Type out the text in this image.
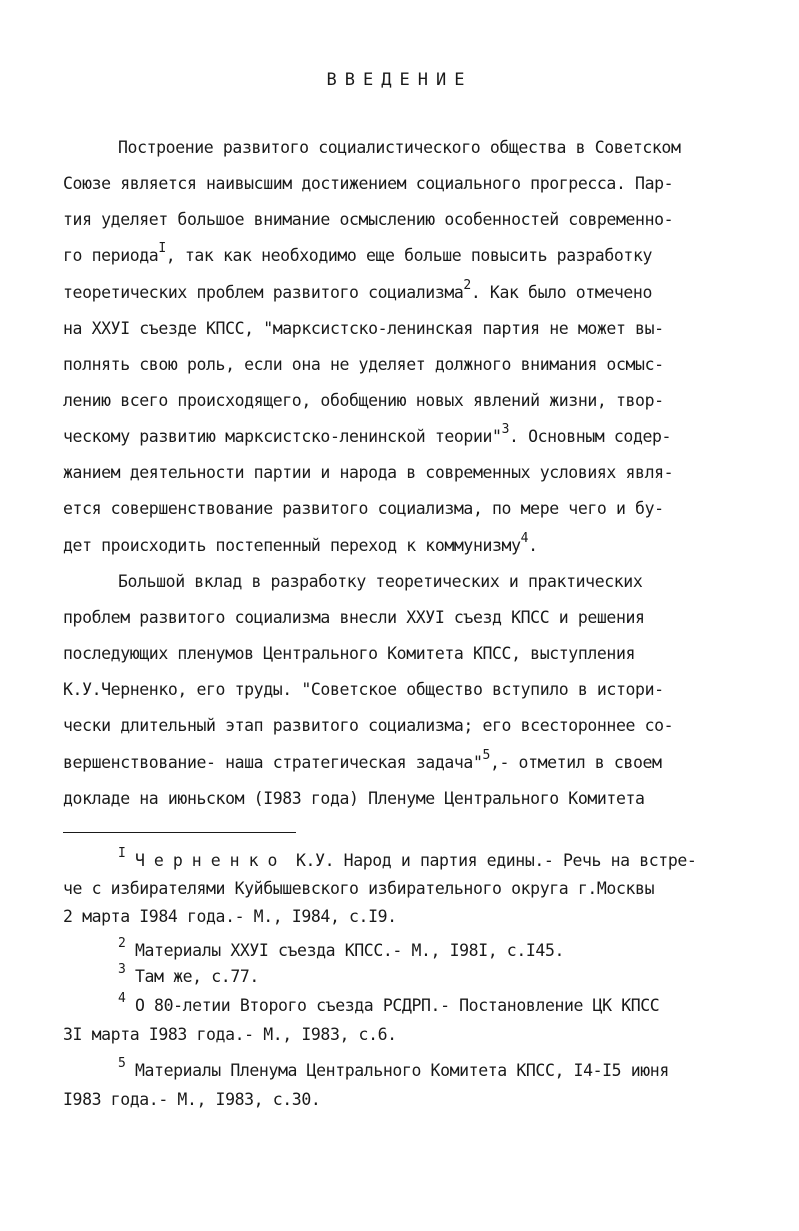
ВВЕДЕНИЕ
Построение развитого социалистического общества в Советском
Союзе является наивысшим достижением социального прогресса. Пар-
тия уделяет большое внимание осмыслению особенностей современно-
го периода$^I$, так как необходимо еще больше повысить разработку
теоретических проблем развитого социализма$^2$. Как было отмечено
на XXУI съезде КПСС, "марксистско-ленинская партия не может вы-
полнять свою роль, если она не уделяет должного внимания осмыс-
лению всего происходящего, обобщению новых явлений жизни, твор-
ческому развитию марксистско-ленинской теории"$^3$. Основным содер-
жанием деятельности партии и народа в современных условиях явля-
ется совершенствование развитого социализма, по мере чего и бу-
дет происходить постепенный переход к коммунизму$^4$.
Большой вклад в разработку теоретических и практических
проблем развитого социализма внесли XXУI съезд КПСС и решения
последующих пленумов Центрального Комитета КПСС, выступления
К.У.Черненко, его труды. "Советское общество вступило в истори-
чески длительный этап развитого социализма; его всестороннее со-
вершенствование- наша стратегическая задача"$^5$,- отметил в своем
докладе на июньском (I983 года) Пленуме Центрального Комитета
$^I$ Черненко К.У. Народ и партия едины.- Речь на встре-
че с избирателями Куйбышевского избирательного округа г.Москвы
2 марта I984 года.- М., I984, с.I9.
$^2$ Материалы XXУI съезда КПСС.- М., I98I, с.I45.
$^3$ Там же, с.77.
$^4$ О 80-летии Второго съезда РСДРП.- Постановление ЦК КПСС
3I марта I983 года.- М., I983, с.6.
$^5$ Материалы Пленума Центрального Комитета КПСС, I4-I5 июня
I983 года.- М., I983, с.30.
